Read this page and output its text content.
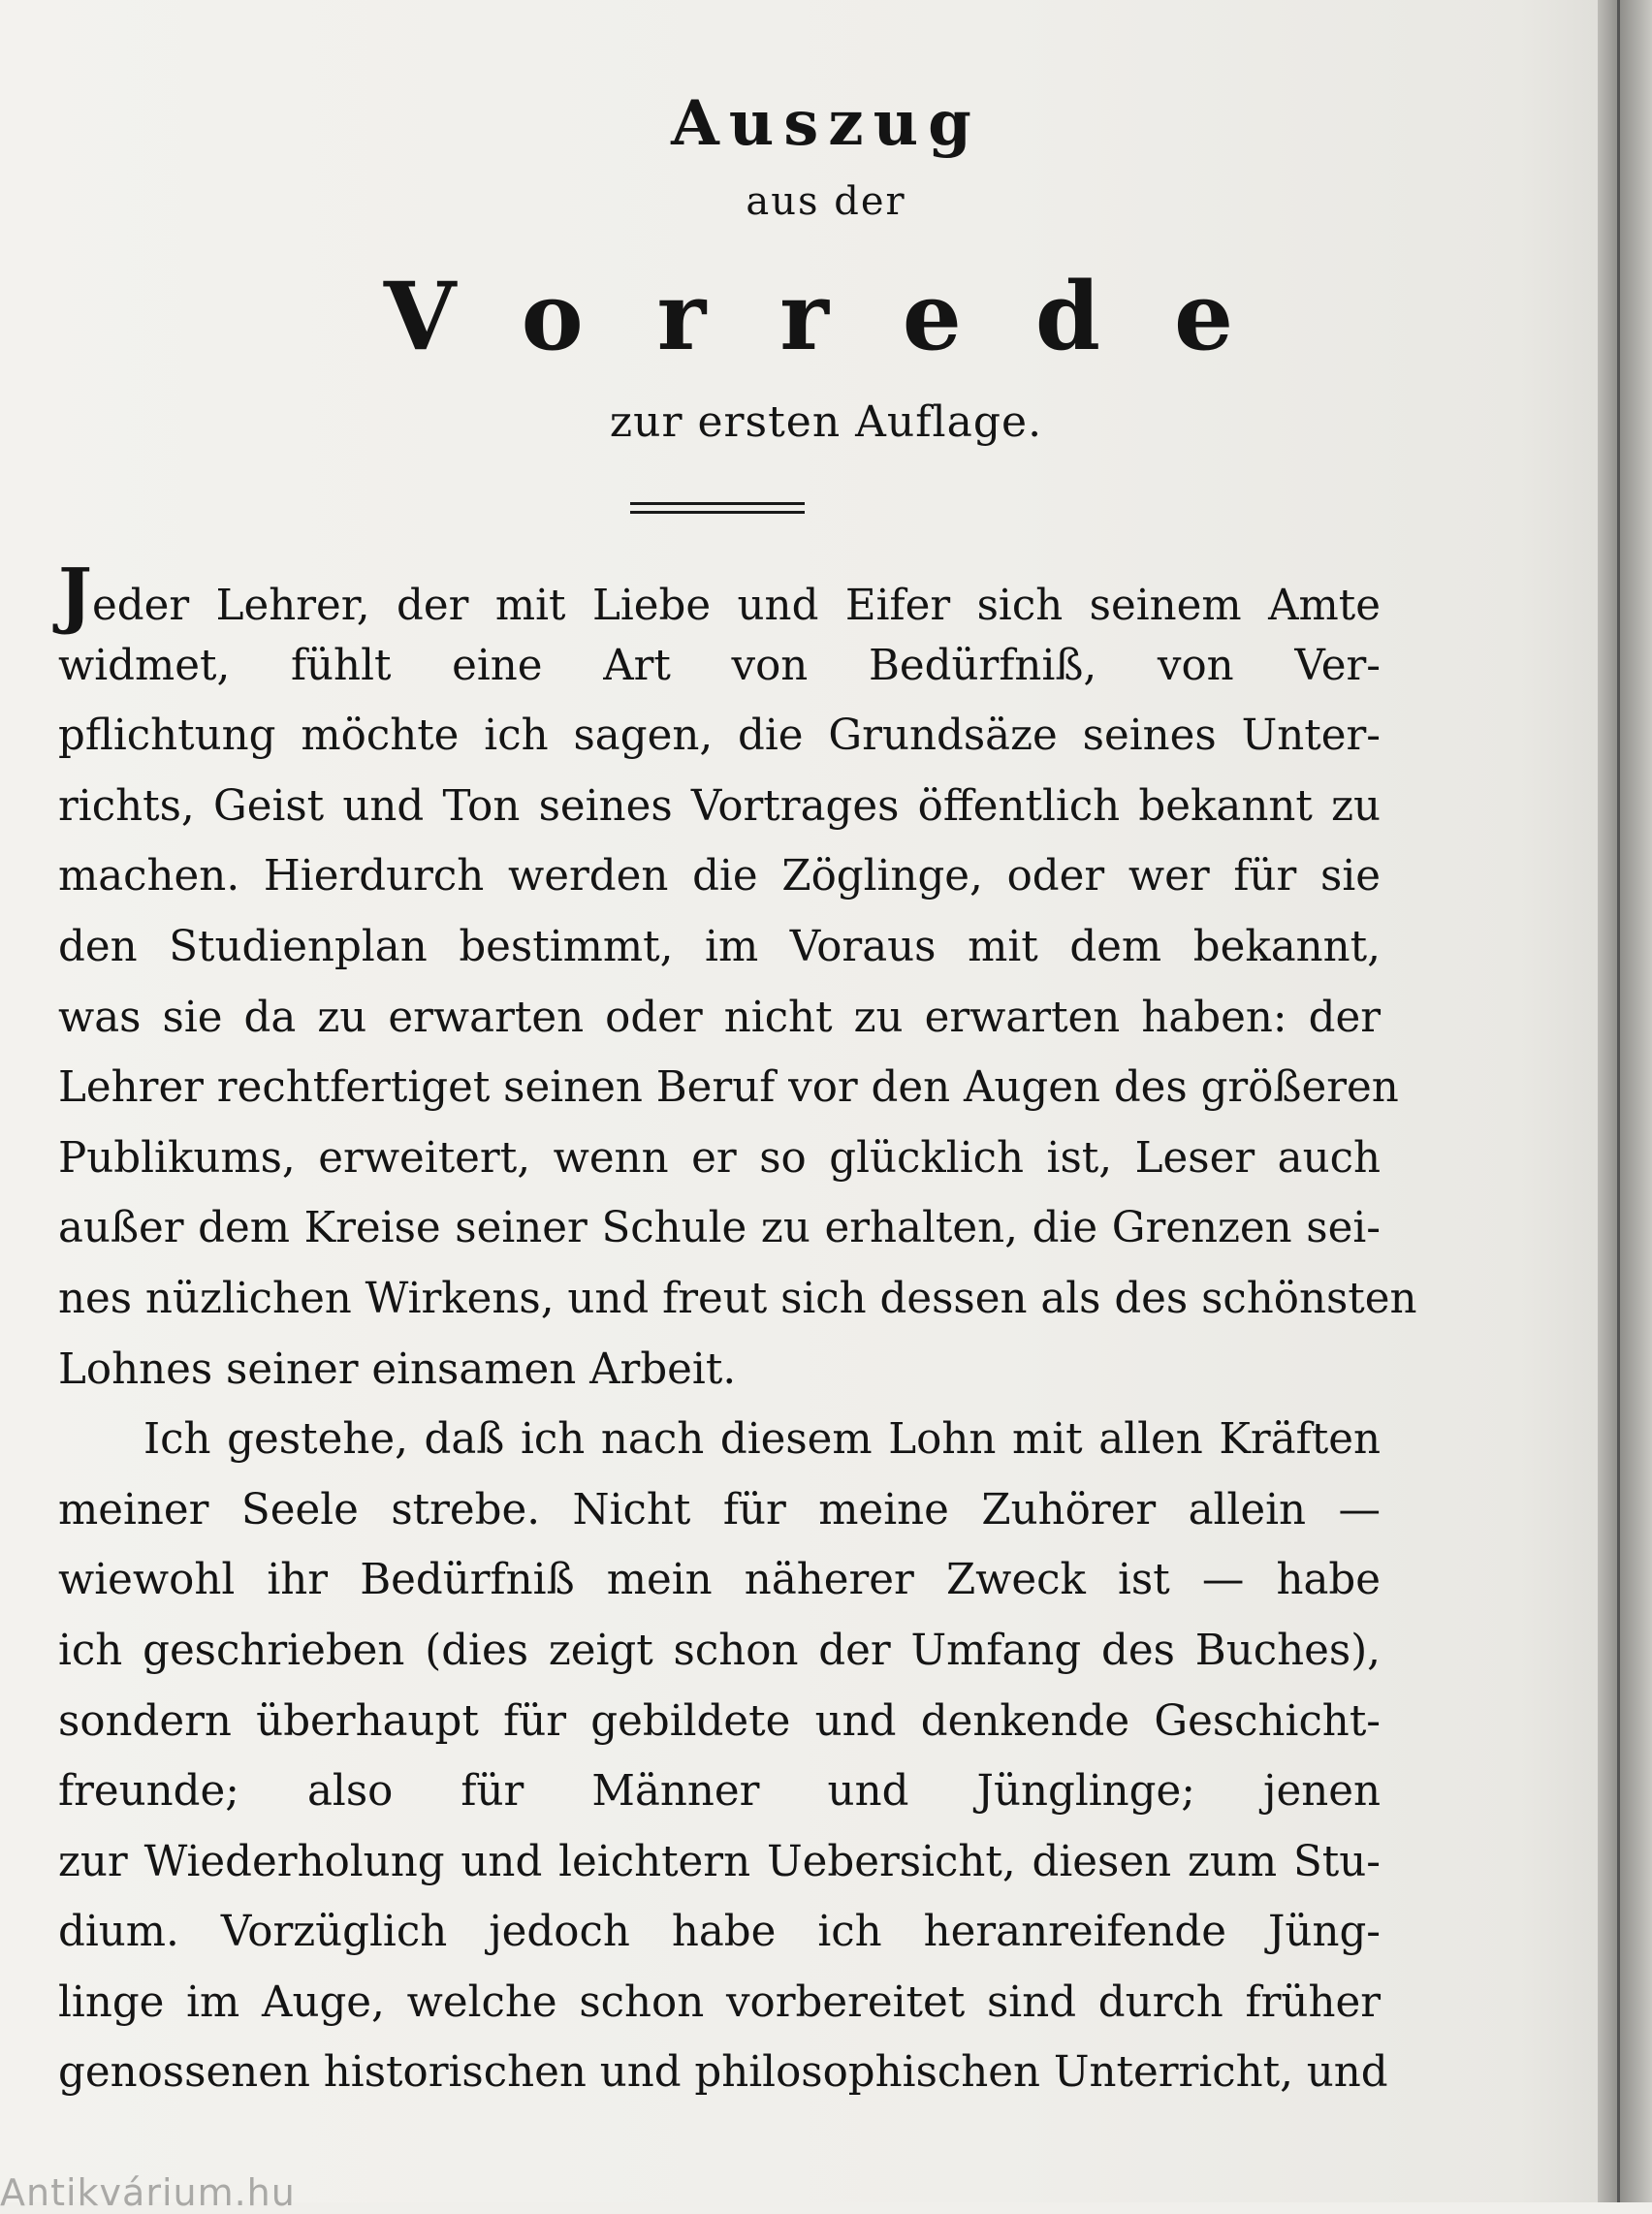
Auszug
aus der
Vorrede
zur ersten Auflage.
Jeder Lehrer, der mit Liebe und Eifer sich seinem Amte
widmet, fühlt eine Art von Bedürfniß, von Ver-
pflichtung möchte ich sagen, die Grundsäze seines Unter-
richts, Geist und Ton seines Vortrages öffentlich bekannt zu
machen. Hierdurch werden die Zöglinge, oder wer für sie
den Studienplan bestimmt, im Voraus mit dem bekannt,
was sie da zu erwarten oder nicht zu erwarten haben: der
Lehrer rechtfertiget seinen Beruf vor den Augen des größeren
Publikums, erweitert, wenn er so glücklich ist, Leser auch
außer dem Kreise seiner Schule zu erhalten, die Grenzen sei-
nes nüzlichen Wirkens, und freut sich dessen als des schönsten
Lohnes seiner einsamen Arbeit.
Ich gestehe, daß ich nach diesem Lohn mit allen Kräften
meiner Seele strebe. Nicht für meine Zuhörer allein —
wiewohl ihr Bedürfniß mein näherer Zweck ist — habe
ich geschrieben (dies zeigt schon der Umfang des Buches),
sondern überhaupt für gebildete und denkende Geschicht-
freunde; also für Männer und Jünglinge; jenen
zur Wiederholung und leichtern Uebersicht, diesen zum Stu-
dium. Vorzüglich jedoch habe ich heranreifende Jüng-
linge im Auge, welche schon vorbereitet sind durch früher
genossenen historischen und philosophischen Unterricht, und
Antikvárium.hu
